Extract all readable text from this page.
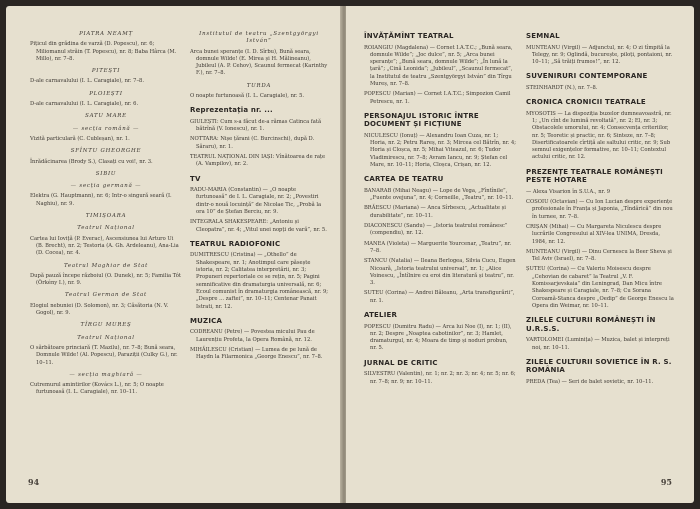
PIATRA NEAMȚ

Pițicul din grădina de varză (D. Popescu), nr. 6; Miliomanul străin (T. Popescu), nr. 8; Baba Hârca (M. Millo), nr. 7–8.

PITEȘTI

D-ale carnavalului (I. L. Caragiale), nr. 7–8.

PLOIEȘTI

D-ale carnavalului (I. L. Caragiale), nr. 6.

SATU MARE
— secția română —

Vizită particulară (C. Cubleșan), nr. 1.

SFÎNTU GHEORGHE

Înrădăcinarea (Brody S.), Clasați cu voi!, nr. 3.

SIBIU
— secția germană —

Elektra (G. Hauptmann), nr. 6; Intr-o singură seară (I. Naghiu), nr. 9.

TIMIȘOARA
Teatrul Național

Cartea lui Ioviță (P. Everac), Ascensiunea lui Arturo Ui (B. Brecht), nr. 2; Testoria (A. Gh. Ardeleanu), Ana-Lia (D. Cocea), nr. 4.

Teatrul Maghiar de Stat

După pauză începe războiul (O. Dunek), nr. 5; Familia Tót (Örkény I.), nr. 9.

Teatrul German de Stat

Elogiul nebuniei (D. Solomon), nr. 3; Căsătoria (N. V. Gogol), nr. 9.

TÎRGU MUREȘ
Teatrul Național

O sărbătoare princiară (T. Mazilu), nr. 7–8; Bună seara, Domnule Wilde! (Al. Popescu), Paraziții (Culky G.), nr. 10–11.

— secția maghiară —

Cutremurul amintirilor (Kovács L.), nr. 5; O noapte furtunoasă (I. L. Caragiale), nr. 10–11.

Institutul de teatru „Szentgyörgyi István”

Arca bunei speranțe (I. D. Sîrbu), Bună seara, domnule Wilde! (E. Mirea și H. Mălineanu), Jubileul (A. P. Cehov), Scaunul fermecat (Karinthy F.), nr. 7–8.

TURDA

O noapte furtunoasă (I. L. Caragiale), nr. 5.

Reprezentația nr. ...

GIULEȘTI: Cum s-a făcut de-a rămas Catinca fată bătrînă (V. Ionescu), nr. 1.

NOTTARA: Nișe țărani (C. Burcinschi), după D. Săraru), nr. 1.

TEATRUL NAȚIONAL DIN IAȘI: Vînătoarea de rațe (A. Vampilov), nr. 2.

TV

RADU-MARIA (Constantin) — „O noapte furtunoasă” de I. L. Caragiale, nr. 2; „Povestiri dintr-o nouă locuință” de Nicolae Tic, „Probă la ora 10” de Ștefan Berciu, nr. 9.

INTEGRALA SHAKESPEARE: „Antoniu și Cleopatra”, nr. 4; „Vitul unei nopți de vară”, nr. 5.

TEATRUL RADIOFONIC

DUMITRESCU (Cristina) — „Othello” de Shakespeare, nr. 1; Anotimpul care păsește istoria, nr. 2; Calitatea interpretării, nr. 3; Propuneri repertoriale ce se rețin, nr. 5; Pagini semnificative din dramaturgia universală, nr. 6; Ecoul comunist în dramaturgia românească, nr. 9; „Despre ... zaftei”, nr. 10–11; Centenar Panait Istrati, nr. 12.

MUZICA

CODREANU (Petre) — Povestea micului Pau de Laurențiu Profeta, la Opera Română, nr. 12.

MIHĂILESCU (Cristian) — Lumea de pe lună de Haydn la Filarmonica „George Enescu”, nr. 7–8.

94
ÎNVĂȚĂMÎNT TEATRAL

ROIANGIU (Magdalena) — Cornet I.A.T.C.; „Bună seara, domnule Wilde”; „Joc dulce”, nr. 5; „Arca bunei speranțe”; „Bună seara, domnule Wilde”; „În lună la țară”; „Cină Leonida”; „Jubileul”, „Scaunul fermecat”, la Institutul de teatru „Szentgyörgyi István” din Tîrgu Mureș, nr. 7–8.

POPESCU (Marian) — Cornet I.A.T.C.; Simpozion Camil Petrescu, nr. 1.

PERSONAJUL ISTORIC ÎNTRE DOCUMENT ȘI FICȚIUNE

NICULESCU (Ionuț) — Alexandru Ioan Cuza, nr. 1; Horia, nr. 2; Petru Rareș, nr. 3; Mircea cel Bătrîn, nr. 4; Horia și Cloșca, nr. 5; Mihai Viteazul, nr. 6; Tudor Vladimirescu, nr. 7–8; Avram Iancu, nr. 9; Ștefan cel Mare, nr. 10–11; Horia, Cloșca, Crișan, nr. 12.

CARTEA DE TEATRU

BANARAB (Mihai Neagu) — Lope de Vega, „Fîntînile”, „Fuente ovejuna”, nr. 4; Corneille, „Teatru”, nr. 10–11.

BRĂESCU (Mariana) — Anca Sîrbescu, „Actualitate și durabilitate”, nr. 10–11.

DIACONESCU (Sandu) — „Istoria teatrului românesc” (compendiu), nr. 12.

MANEA (Violeta) — Marguerite Yourcenar, „Teatru”, nr. 7–8.

STANCU (Natalia) — Ileana Berlogea, Silvia Cucu, Eugen Nicoară, „Istoria teatrului universal”, nr. 1; „Alice Voinescu, „Întîlnire cu eroi din literatură și teatru”, nr. 3.

SUTEU (Corina) — Andrei Băleanu, „Arta transfigurării”, nr. 1.

ATELIER

POPESCU (Dumitru Radu) — Arca lui Noe (I), nr. 1; (II), nr. 2; Despre „Noaptea cabotinilor”, nr. 3; Hamlet, dramaturgul, nr. 4; Moara de timp și noduri probun, nr. 5.

JURNAL DE CRITIC

SILVESTRU (Valentin), nr. 1; nr. 2; nr. 3; nr. 4; nr. 5; nr. 6; nr. 7–8; nr. 9; nr. 10–11.

SEMNAL

MUNTEANU (Virgil) — Adjunctul, nr. 4; O zi tîmpită la Telegy, nr. 9; Oglindă, bucurește, piloți, pontaioni, nr. 10–11; „Să trăiți frumos!”, nr. 12.

SUVENIRURI CONTEMPORANE

STEINHARDT (N.), nr. 7–8.

CRONICA CRONICII TEATRALE

MYOSOTIS — La dispoziția buzelor dumneavoastră, nr. 1; „Un cînt de lumină revoltată”, nr. 2; El, nr. 3; Obstacolele umorului, nr. 4; Consecvența criteriilor, nr. 5; Teoretic și practic, nr. 6; Sinteze, nr. 7–8; Disertificatoarele cîrtiță ale saltului critic, nr. 9; Sub semnul exigențelor formative, nr. 10–11; Contextul actului critic, nr. 12.

PREZENȚE TEATRALE ROMÂNEȘTI PESTE HOTARE

— Alexa Visarion în S.U.A., nr. 9

COSOIU (Octavian) — Cu Ion Lucian despre experiențe profesionale în Franța și Japonia, „Tîndărică” din nou în turnee, nr. 7–8.

CRIȘAN (Mihai) — Cu Margareta Niculescu despre lucrările Congresului al XIV-lea UNIMA, Dresda, 1984, nr. 12.

MUNTEANU (Virgil) — Dinu Cernescu la Beer Sheva și Tel Aviv (Israel), nr. 7–8.

ȘUTEU (Corina) — Cu Valeriu Moisescu despre „Cehovian de cabaret” la Teatrul „V. F. Komissarjevskaia” din Leningrad, Dan Micu între Shakespeare și Caragiale, nr. 7–8; Cu Sorana Coroamă-Stanca despre „Oedip” de George Enescu la Opera din Weimar, nr. 10–11.

ZILELE CULTURII ROMÂNEȘTI ÎN U.R.S.S.

VARTOLOMEI (Luminița) — Muzica, balet și interpreți noi, nr. 10–11.

ZILELE CULTURII SOVIETICE ÎN R. S. ROMÂNIA

PREDA (Tea) — Seri de balet sovietic, nr. 10–11.

95
